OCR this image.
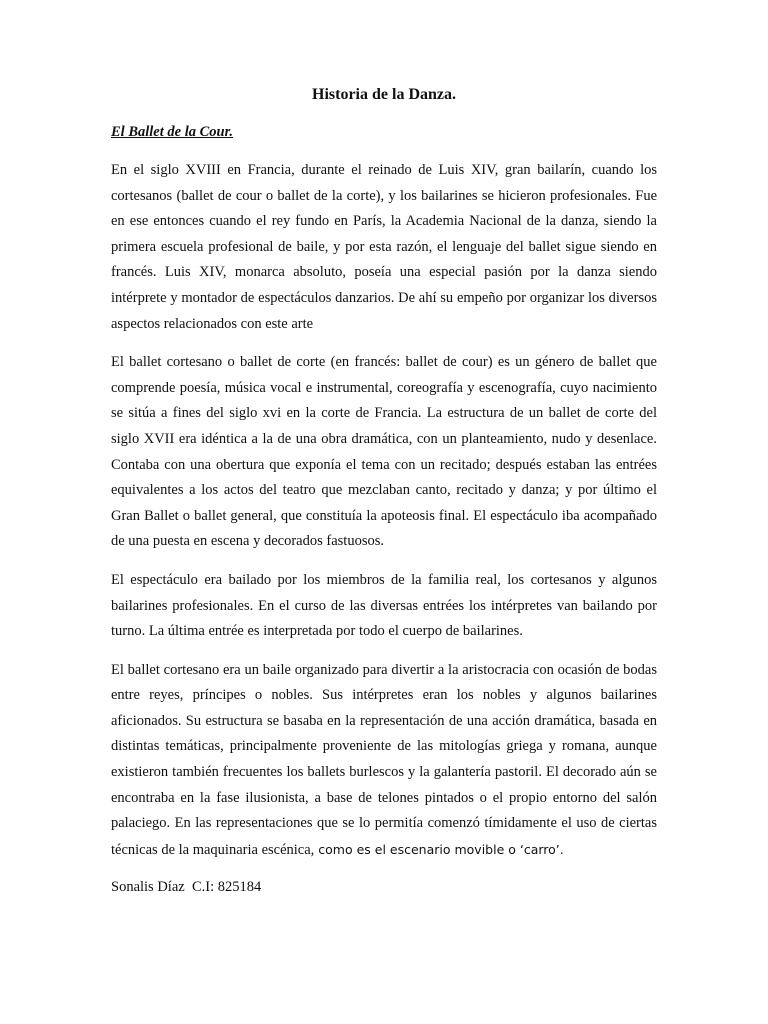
Historia de la Danza.
El Ballet de la Cour.

En el siglo XVIII en Francia, durante el reinado de Luis XIV, gran bailarín, cuando los cortesanos (ballet de cour o ballet de la corte), y los bailarines se hicieron profesionales. Fue en ese entonces cuando el rey fundo en París, la Academia Nacional de la danza, siendo la primera escuela profesional de baile, y por esta razón, el lenguaje del ballet sigue siendo en francés. Luis XIV, monarca absoluto, poseía una especial pasión por la danza siendo intérprete y montador de espectáculos danzarios. De ahí su empeño por organizar los diversos aspectos relacionados con este arte

El ballet cortesano o ballet de corte (en francés: ballet de cour) es un género de ballet que comprende poesía, música vocal e instrumental, coreografía y escenografía, cuyo nacimiento se sitúa a fines del siglo xvi en la corte de Francia. La estructura de un ballet de corte del siglo XVII era idéntica a la de una obra dramática, con un planteamiento, nudo y desenlace. Contaba con una obertura que exponía el tema con un recitado; después estaban las entrées equivalentes a los actos del teatro que mezclaban canto, recitado y danza; y por último el Gran Ballet o ballet general, que constituía la apoteosis final. El espectáculo iba acompañado de una puesta en escena y decorados fastuosos.

El espectáculo era bailado por los miembros de la familia real, los cortesanos y algunos bailarines profesionales. En el curso de las diversas entrées los intérpretes van bailando por turno. La última entrée es interpretada por todo el cuerpo de bailarines.

El ballet cortesano era un baile organizado para divertir a la aristocracia con ocasión de bodas entre reyes, príncipes o nobles. Sus intérpretes eran los nobles y algunos bailarines aficionados. Su estructura se basaba en la representación de una acción dramática, basada en distintas temáticas, principalmente proveniente de las mitologías griega y romana, aunque existieron también frecuentes los ballets burlescos y la galantería pastoril. El decorado aún se encontraba en la fase ilusionista, a base de telones pintados o el propio entorno del salón palaciego. En las representaciones que se lo permitía comenzó tímidamente el uso de ciertas técnicas de la maquinaria escénica, como es el escenario movible o ‘carro’.

Sonalis Díaz  C.I: 825184
